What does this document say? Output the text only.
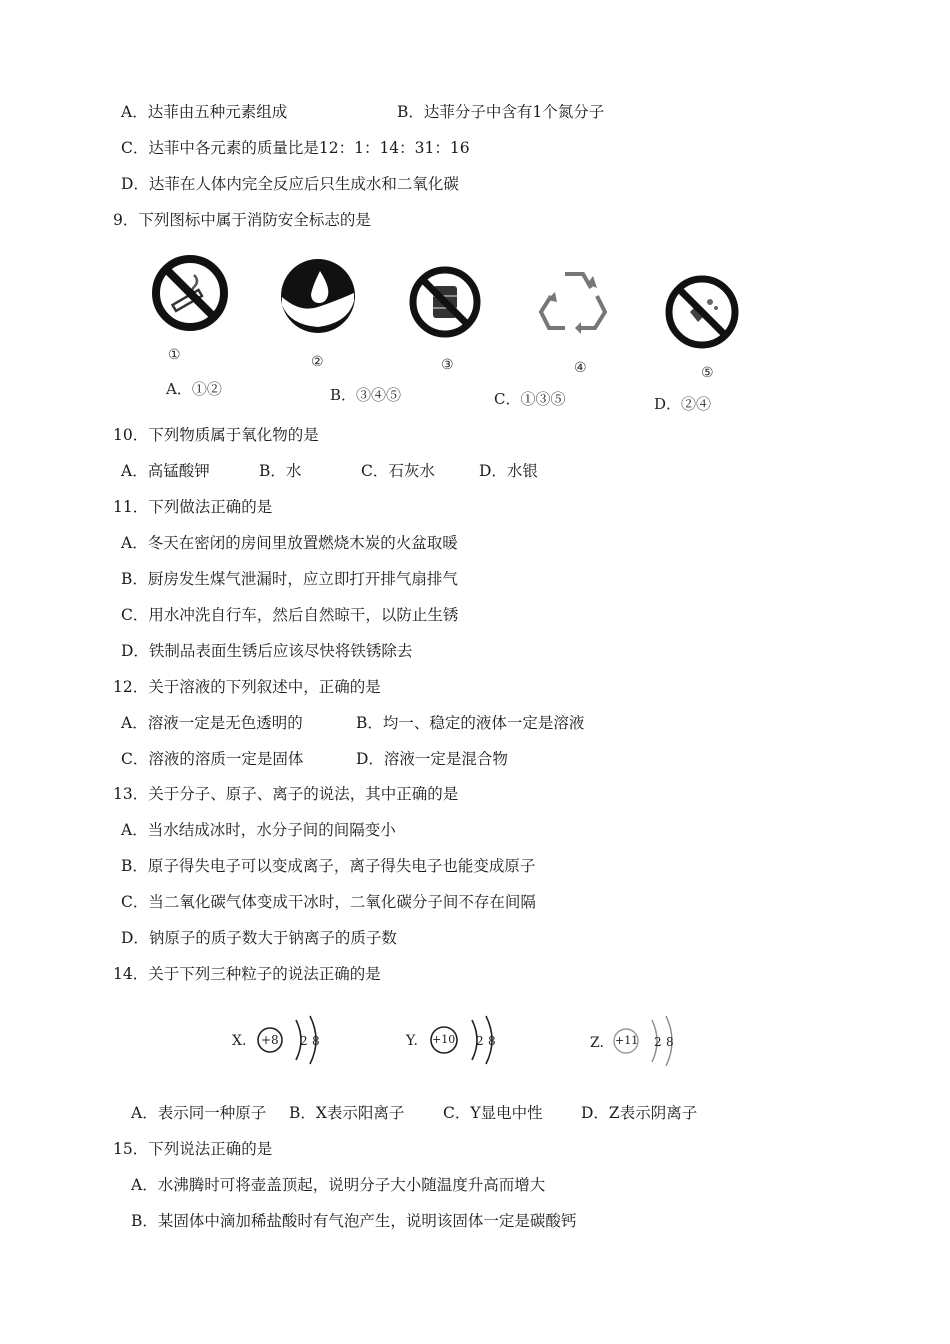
A．达菲由五种元素组成	B．达菲分子中含有1个氮分子
C．达菲中各元素的质量比是12：1：14：31：16
D．达菲在人体内完全反应后只生成水和二氧化碳
9．下列图标中属于消防安全标志的是
①
A．①②
②
B．③④⑤
③	④
C．①③⑤
⑤
D．②④
10．下列物质属于氧化物的是
A．高锰酸钾	B．水	C．石灰水	D．水银
11．下列做法正确的是
A．冬天在密闭的房间里放置燃烧木炭的火盆取暖
B．厨房发生煤气泄漏时，应立即打开排气扇排气
C．用水冲洗自行车，然后自然晾干，以防止生锈
D．铁制品表面生锈后应该尽快将铁锈除去
12．关于溶液的下列叙述中，正确的是
A．溶液一定是无色透明的	B．均一、稳定的液体一定是溶液
C．溶液的溶质一定是固体	D．溶液一定是混合物
13．关于分子、原子、离子的说法，其中正确的是
A．当水结成冰时，水分子间的间隔变小
B．原子得失电子可以变成离子，离子得失电子也能变成原子
C．当二氧化碳气体变成干冰时，二氧化碳分子间不存在间隔
D．钠原子的质子数大于钠离子的质子数
14．关于下列三种粒子的说法正确的是
X. +8 2 8	Y. +10 2 8	Z. +11 2 8
A．表示同一种原子 B．X表示阳离子 C．Y显电中性 D．Z表示阴离子
15．下列说法正确的是
A．水沸腾时可将壶盖顶起，说明分子大小随温度升高而增大
B．某固体中滴加稀盐酸时有气泡产生，说明该固体一定是碳酸钙
